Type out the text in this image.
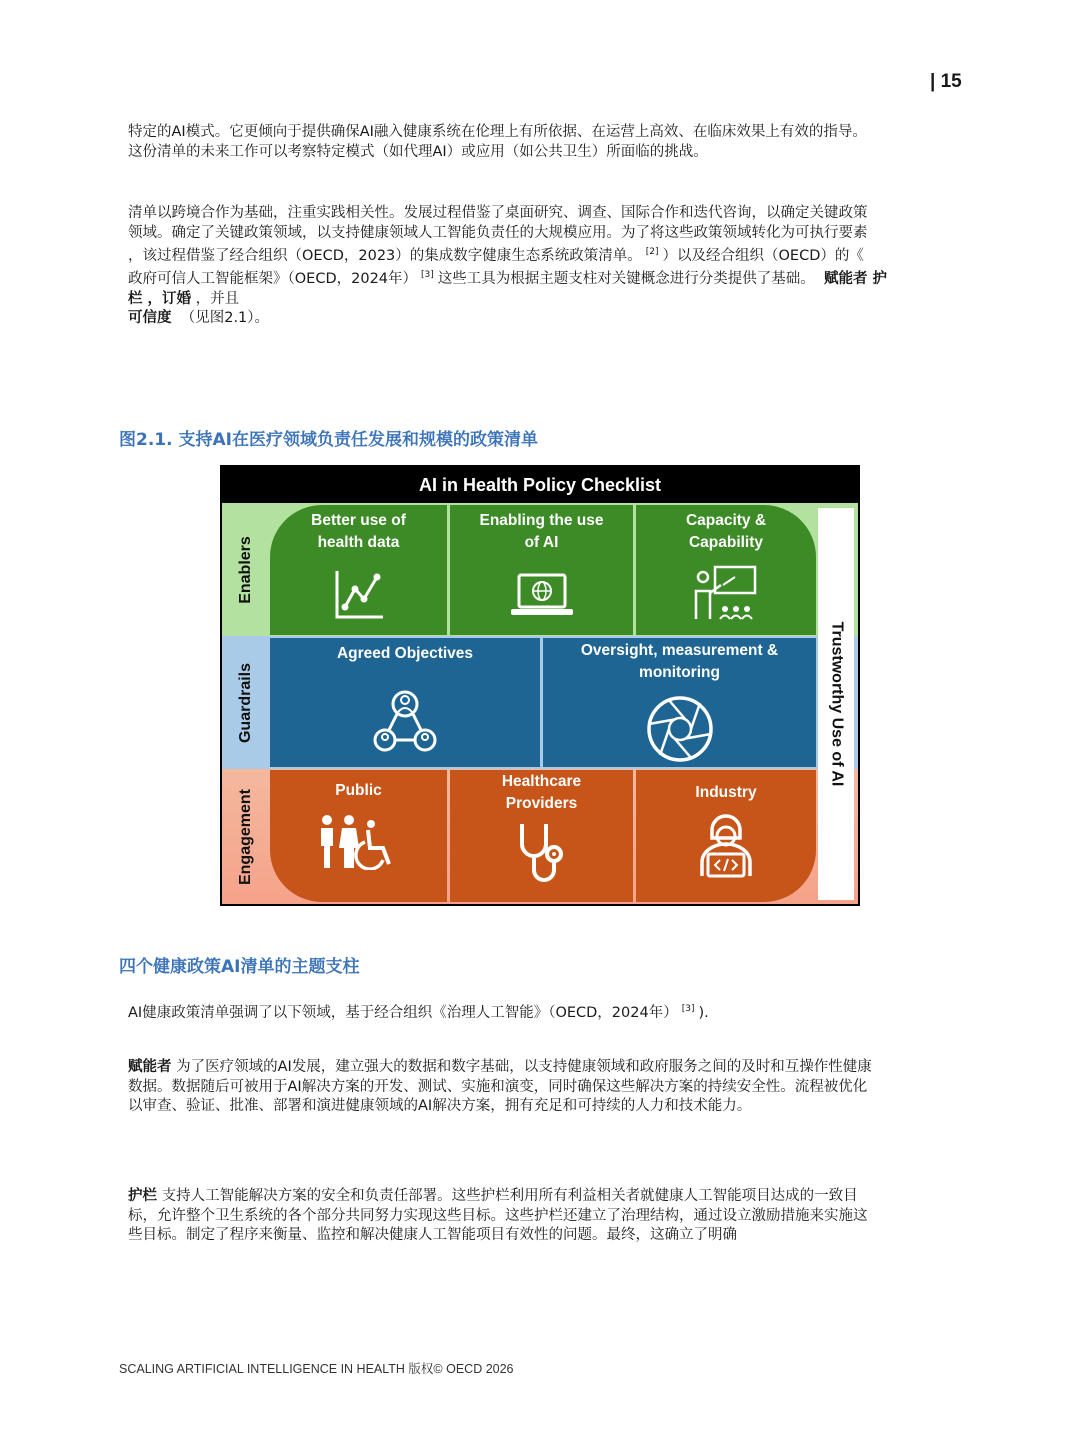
| 15

特定的AI模式。它更倾向于提供确保AI融入健康系统在伦理上有所依据、在运营上高效、在临床效果上有效的指导。
这份清单的未来工作可以考察特定模式（如代理AI）或应用（如公共卫生）所面临的挑战。

清单以跨境合作为基础，注重实践相关性。发展过程借鉴了桌面研究、调查、国际合作和迭代咨询，以确定关键政策
领域。确定了关键政策领域，以支持健康领域人工智能负责任的大规模应用。为了将这些政策领域转化为可执行要素
，该过程借鉴了经合组织（OECD，2023）的集成数字健康生态系统政策清单。 [2] ）以及经合组织（OECD）的《
政府可信人工智能框架》（OECD，2024年） [3] 这些工具为根据主题支柱对关键概念进行分类提供了基础。 赋能者 护
栏 ，订婚 ，并且
可信度 （见图2.1）。

图2.1. 支持AI在医疗领域负责任发展和规模的政策清单
AI in Health Policy Checklist
Enablers
Guardrails
Engagement
Better use of
health data
Enabling the use
of AI
Capacity &
Capability
Agreed Objectives	Oversight, measurement &
monitoring
Public
Healthcare
Providers
Industry
Trustworthy Use of AI
四个健康政策AI清单的主题支柱

AI健康政策清单强调了以下领域，基于经合组织《治理人工智能》（OECD，2024年） [3] ).

赋能者 为了医疗领域的AI发展，建立强大的数据和数字基础，以支持健康领域和政府服务之间的及时和互操作性健康
数据。数据随后可被用于AI解决方案的开发、测试、实施和演变，同时确保这些解决方案的持续安全性。流程被优化
以审查、验证、批准、部署和演进健康领域的AI解决方案，拥有充足和可持续的人力和技术能力。

护栏 支持人工智能解决方案的安全和负责任部署。这些护栏利用所有利益相关者就健康人工智能项目达成的一致目
标，允许整个卫生系统的各个部分共同努力实现这些目标。这些护栏还建立了治理结构，通过设立激励措施来实施这
些目标。制定了程序来衡量、监控和解决健康人工智能项目有效性的问题。最终，这确立了明确

SCALING ARTIFICIAL INTELLIGENCE IN HEALTH 版权© OECD 2026
